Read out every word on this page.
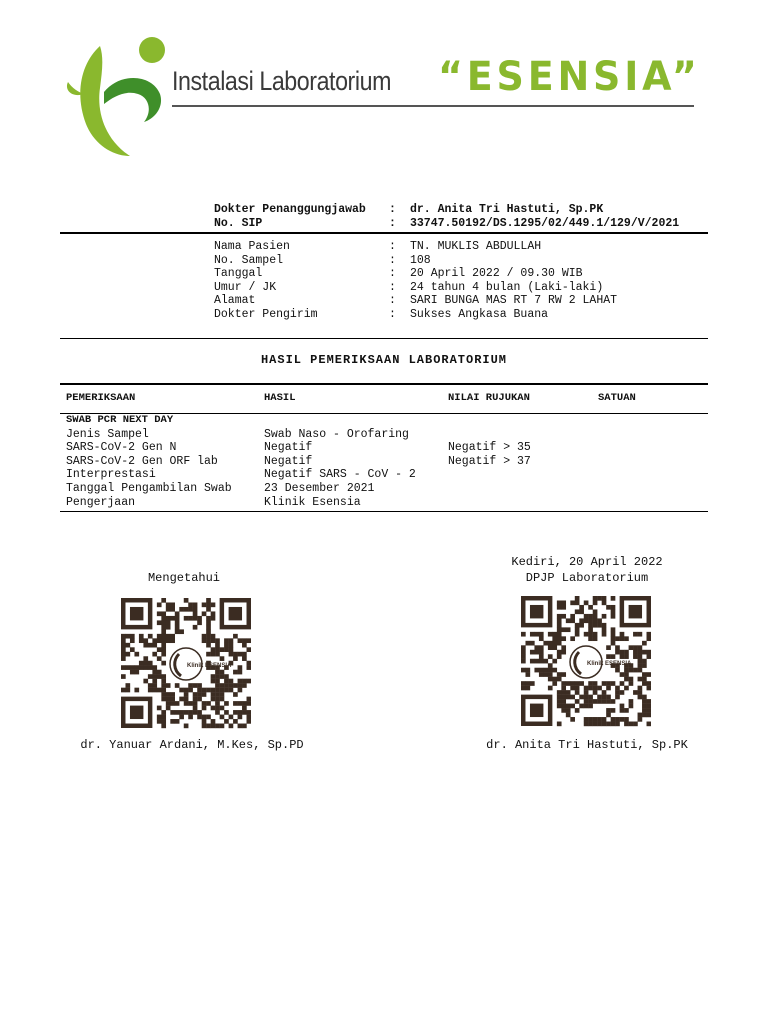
Instalasi Laboratorium “ESENSIA”
Dokter Penanggungjawab : dr. Anita Tri Hastuti, Sp.PK
No. SIP	: 33747.50192/DS.1295/02/449.1/129/V/2021
Nama Pasien	: TN. MUKLIS ABDULLAH
No. Sampel	: 108
Tanggal	: 20 April 2022 / 09.30 WIB
Umur / JK	: 24 tahun 4 bulan (Laki-laki)
Alamat	: SARI BUNGA MAS RT 7 RW 2 LAHAT
Dokter Pengirim	: Sukses Angkasa Buana
HASIL PEMERIKSAAN LABORATORIUM
PEMERIKSAAN	HASIL	NILAI RUJUKAN	SATUAN
SWAB PCR NEXT DAY
Jenis Sampel	Swab Naso - Orofaring
SARS-CoV-2 Gen N	Negatif	Negatif > 35
SARS-CoV-2 Gen ORF lab	Negatif	Negatif > 37
Interprestasi	Negatif SARS - CoV - 2
Tanggal Pengambilan Swab	23 Desember 2021
Pengerjaan	Klinik Esensia
Mengetahui
Klinik ESENSIA
dr. Yanuar Ardani, M.Kes, Sp.PD
Kediri, 20 April 2022
DPJP Laboratorium
Klinik ESENSIA
dr. Anita Tri Hastuti, Sp.PK
